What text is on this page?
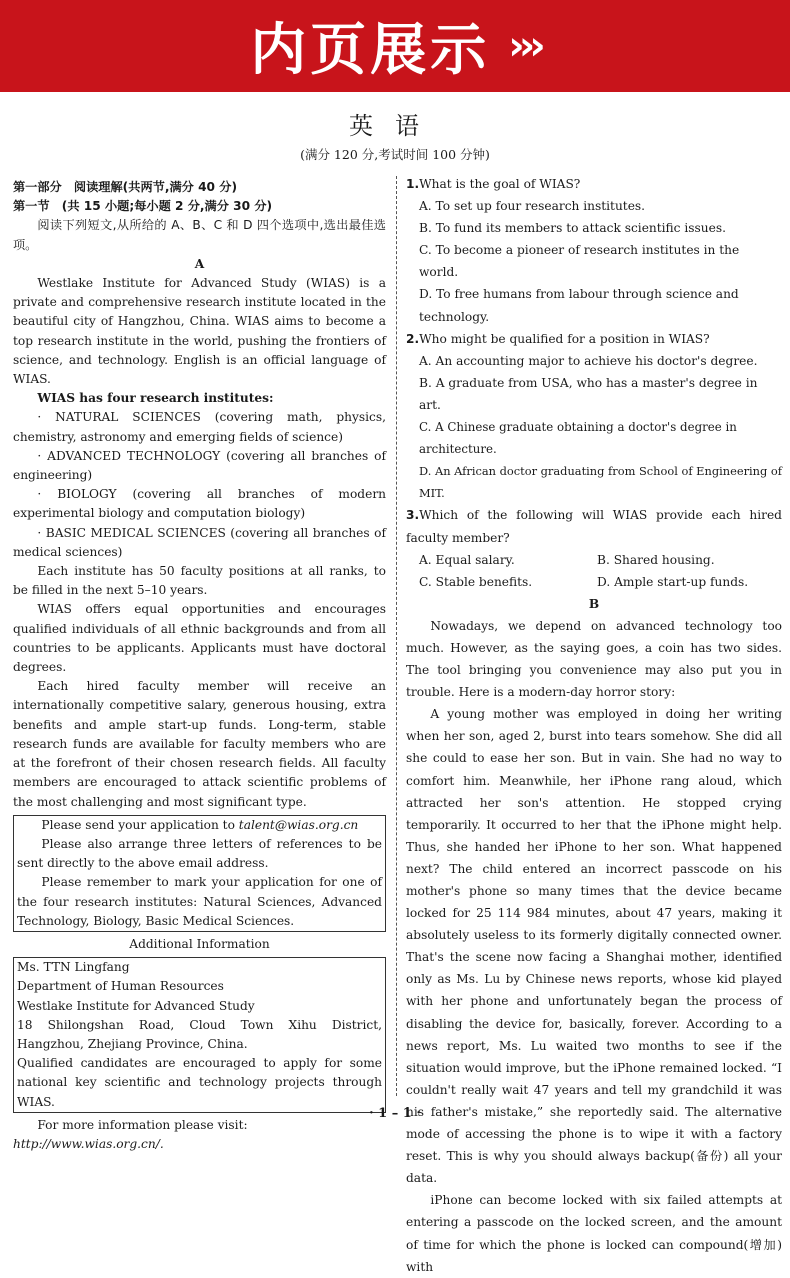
内页展示 ›››
英语
(满分 120 分,考试时间 100 分钟)

第一部分　阅读理解(共两节,满分 40 分)

第一节　(共 15 小题;每小题 2 分,满分 30 分)

阅读下列短文,从所给的 A、B、C 和 D 四个选项中,选出最佳选项。

A

Westlake Institute for Advanced Study (WIAS) is a private and comprehensive research institute located in the beautiful city of Hangzhou, China. WIAS aims to become a top research institute in the world, pushing the frontiers of science, and technology. English is an official language of WIAS.

WIAS has four research institutes:

· NATURAL SCIENCES (covering math, physics, chemistry, astronomy and emerging fields of science)

· ADVANCED TECHNOLOGY (covering all branches of engineering)

· BIOLOGY (covering all branches of modern experimental biology and computation biology)

· BASIC MEDICAL SCIENCES (covering all branches of medical sciences)

Each institute has 50 faculty positions at all ranks, to be filled in the next 5–10 years.

WIAS offers equal opportunities and encourages qualified individuals of all ethnic backgrounds and from all countries to be applicants. Applicants must have doctoral degrees.

Each hired faculty member will receive an internationally competitive salary, generous housing, extra benefits and ample start-up funds. Long-term, stable research funds are available for faculty members who are at the forefront of their chosen research fields. All faculty members are encouraged to attack scientific problems of the most challenging and most significant type.

Please send your application to talent@wias.org.cn

Please also arrange three letters of references to be sent directly to the above email address.

Please remember to mark your application for one of the four research institutes: Natural Sciences, Advanced Technology, Biology, Basic Medical Sciences.

Additional Information

Ms. TTN Lingfang

Department of Human Resources

Westlake Institute for Advanced Study

18 Shilongshan Road, Cloud Town Xihu District, Hangzhou, Zhejiang Province, China.

Qualified candidates are encouraged to apply for some national key scientific and technology projects through WIAS.

For more information please visit: http://www.wias.org.cn/.

1.What is the goal of WIAS?

A. To set up four research institutes.

B. To fund its members to attack scientific issues.

C. To become a pioneer of research institutes in the world.

D. To free humans from labour through science and technology.

2.Who might be qualified for a position in WIAS?

A. An accounting major to achieve his doctor's degree.

B. A graduate from USA, who has a master's degree in art.

C. A Chinese graduate obtaining a doctor's degree in architecture.

D. An African doctor graduating from School of Engineering of MIT.

3.Which of the following will WIAS provide each hired faculty member?

A. Equal salary.	B. Shared housing.
C. Stable benefits.	D. Ample start-up funds.

B

Nowadays, we depend on advanced technology too much. However, as the saying goes, a coin has two sides. The tool bringing you convenience may also put you in trouble. Here is a modern-day horror story:

A young mother was employed in doing her writing when her son, aged 2, burst into tears somehow. She did all she could to ease her son. But in vain. She had no way to comfort him. Meanwhile, her iPhone rang aloud, which attracted her son's attention. He stopped crying temporarily. It occurred to her that the iPhone might help. Thus, she handed her iPhone to her son. What happened next? The child entered an incorrect passcode on his mother's phone so many times that the device became locked for 25 114 984 minutes, about 47 years, making it absolutely useless to its formerly digitally connected owner. That's the scene now facing a Shanghai mother, identified only as Ms. Lu by Chinese news reports, whose kid played with her phone and unfortunately began the process of disabling the device for, basically, forever. According to a news report, Ms. Lu waited two months to see if the situation would improve, but the iPhone remained locked. “I couldn't really wait 47 years and tell my grandchild it was his father's mistake,” she reportedly said. The alternative mode of accessing the phone is to wipe it with a factory reset. This is why you should always backup(备份) all your data.

iPhone can become locked with six failed attempts at entering a passcode on the locked screen, and the amount of time for which the phone is locked can compound(增加) with

· 1 – 1 ·
